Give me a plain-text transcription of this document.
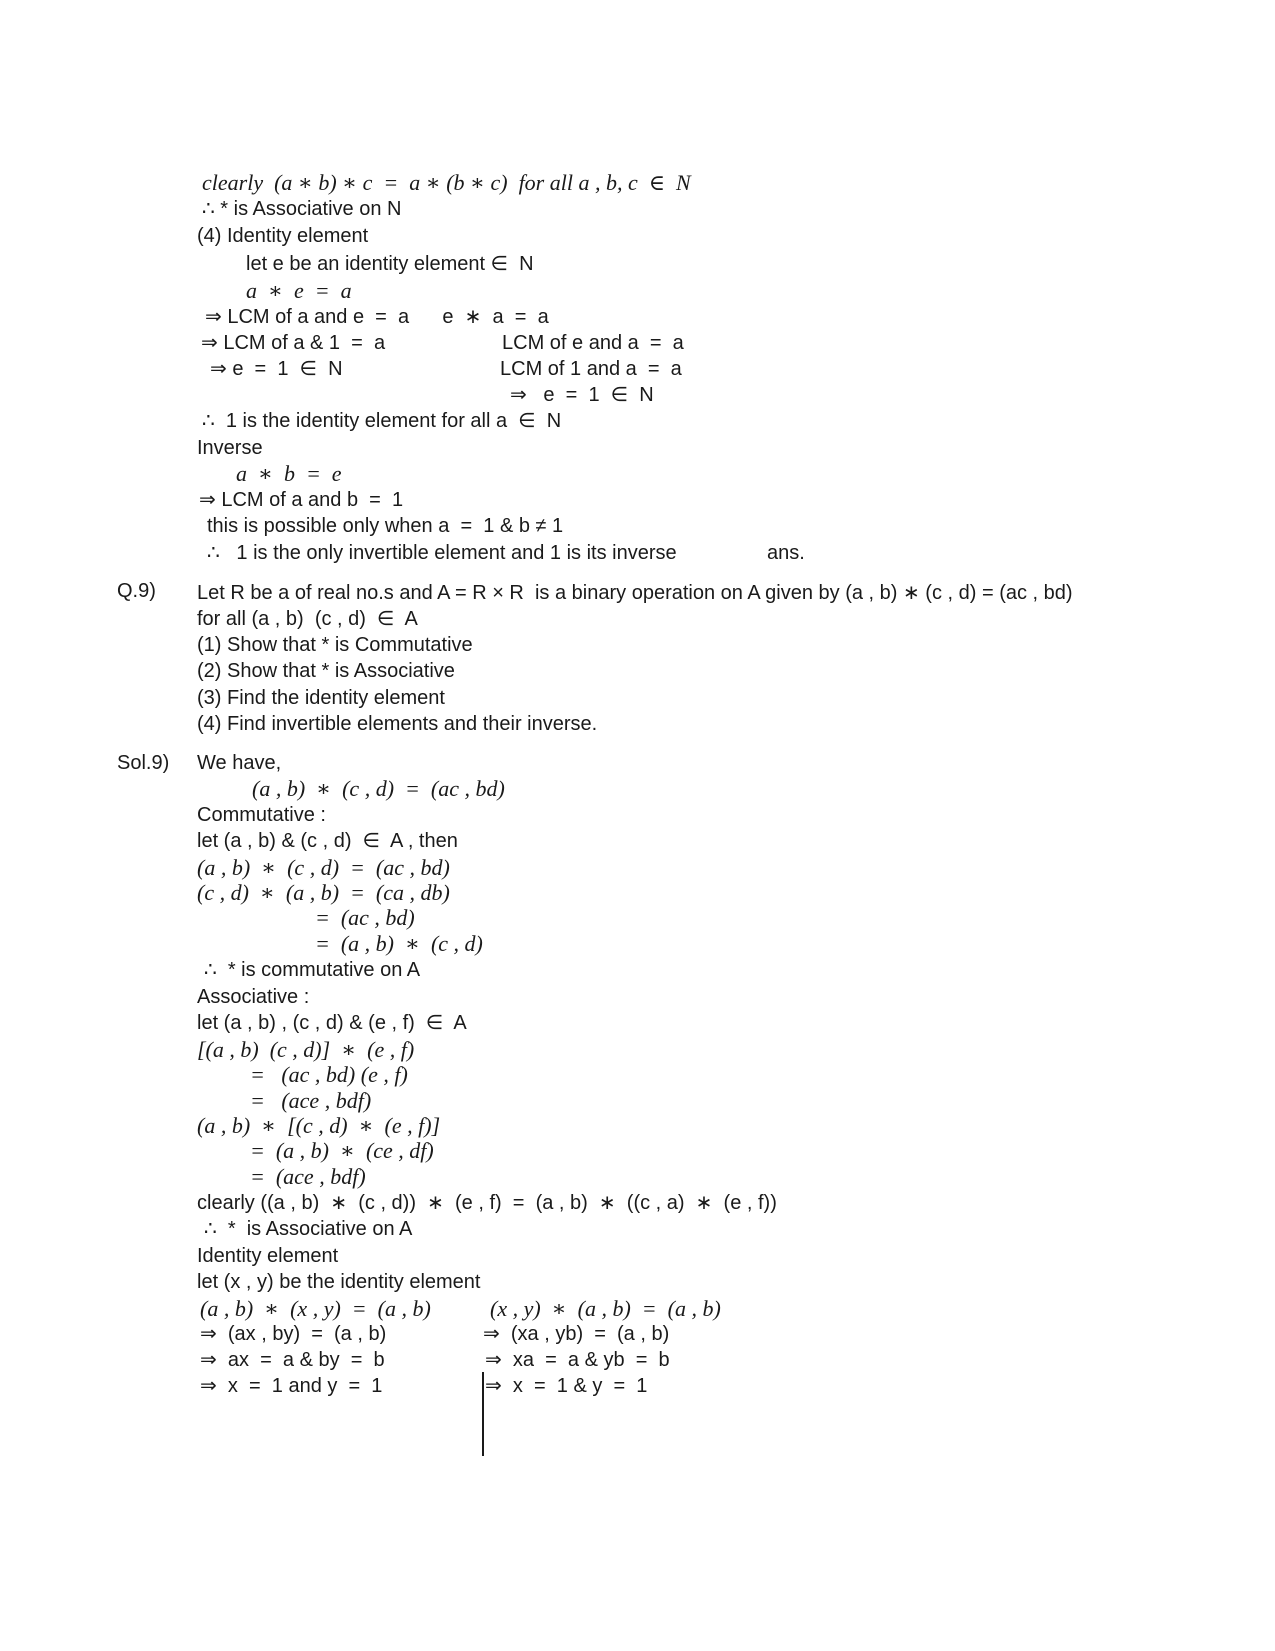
clearly  (a ∗ b) ∗ c  =  a ∗ (b ∗ c)  for all a , b, c  ∈  N
∴ * is Associative on N
(4) Identity element
let e be an identity element ∈  N
a  ∗  e  =  a
⇒ LCM of a and e  =  a      e  ∗  a  =  a
⇒ LCM of a & 1  =  a	LCM of e and a  =  a
⇒ e  =  1  ∈  N	LCM of 1 and a  =  a
⇒   e  =  1  ∈  N
∴  1 is the identity element for all a  ∈  N
Inverse
a  ∗  b  =  e
⇒ LCM of a and b  =  1
this is possible only when a  =  1 & b ≠ 1
∴   1 is the only invertible element and 1 is its inverse	ans.
Q.9) Let R be a of real no.s and A = R × R  is a binary operation on A given by (a , b) ∗ (c , d) = (ac , bd)
for all (a , b)  (c , d)  ∈  A
(1) Show that * is Commutative
(2) Show that * is Associative
(3) Find the identity element
(4) Find invertible elements and their inverse.
Sol.9) We have,
(a , b)  ∗  (c , d)  =  (ac , bd)
Commutative :
let (a , b) & (c , d)  ∈  A , then
(a , b)  ∗  (c , d)  =  (ac , bd)
(c , d)  ∗  (a , b)  =  (ca , db)
=  (ac , bd)
=  (a , b)  ∗  (c , d)
∴  * is commutative on A
Associative :
let (a , b) , (c , d) & (e , f)  ∈  A
[(a , b)  (c , d)]  ∗  (e , f)
=   (ac , bd) (e , f)
=   (ace , bdf)
(a , b)  ∗  [(c , d)  ∗  (e , f)]
=  (a , b)  ∗  (ce , df)
=  (ace , bdf)
clearly ((a , b)  ∗  (c , d))  ∗  (e , f)  =  (a , b)  ∗  ((c , a)  ∗  (e , f))
∴  *  is Associative on A
Identity element
let (x , y) be the identity element
(a , b)  ∗  (x , y)  =  (a , b)	(x , y)  ∗  (a , b)  =  (a , b)
⇒  (ax , by)  =  (a , b)	⇒  (xa , yb)  =  (a , b)
⇒  ax  =  a & by  =  b	⇒  xa  =  a & yb  =  b
⇒  x  =  1 and y  =  1	⇒  x  =  1 & y  =  1
